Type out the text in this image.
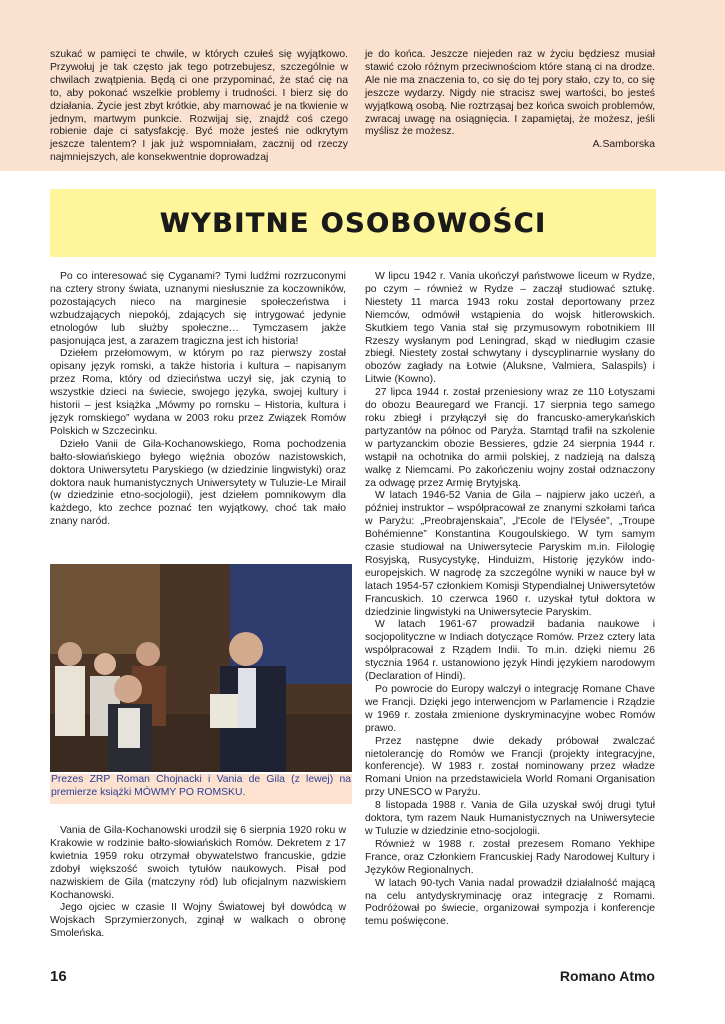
szukać w pamięci te chwile, w których czułeś się wyjątkowo. Przywołuj je tak często jak tego potrzebujesz, szczególnie w chwilach zwątpienia. Będą ci one przypominać, że stać cię na to, aby pokonać wszelkie problemy i trudności. I bierz się do działania. Życie jest zbyt krótkie, aby marnować je na tkwienie w jednym, martwym punkcie. Rozwijaj się, znajdź coś czego robienie daje ci satysfakcję. Być może jesteś nie odkrytym jeszcze talentem? I jak już wspomniałam, zacznij od rzeczy najmniejszych, ale konsekwentnie doprowadzaj

je do końca. Jeszcze niejeden raz w życiu będziesz musiał stawić czoło różnym przeciwnościom które staną ci na drodze. Ale nie ma znaczenia to, co się do tej pory stało, czy to, co się jeszcze wydarzy. Nigdy nie stracisz swej wartości, bo jesteś wyjątkową osobą. Nie roztrząsaj bez końca swoich problemów, zwracaj uwagę na osiągnięcia. I zapamiętaj, że możesz, jeśli myślisz że możesz.

A.Samborska

WYBITNE OSOBOWOŚCI

Po co interesować się Cyganami? Tymi ludźmi rozrzuconymi na cztery strony świata, uznanymi niesłusznie za koczowników, pozostających nieco na marginesie społeczeństwa i wzbudzających niepokój, zdających się intrygować jedynie etnologów lub służby społeczne… Tymczasem jakże pasjonująca jest, a zarazem tragiczna jest ich historia!

Dziełem przełomowym, w którym po raz pierwszy został opisany język romski, a także historia i kultura – napisanym przez Roma, który od dzieciństwa uczył się, jak czynią to wszystkie dzieci na świecie, swojego języka, swojej kultury i historii – jest książka „Mówmy po romsku – Historia, kultura i język romskiego” wydana w 2003 roku przez Związek Romów Polskich w Szczecinku.

Dzieło Vanii de Gila-Kochanowskiego, Roma pochodzenia bałto-słowiańskiego byłego więźnia obozów nazistowskich, doktora Uniwersytetu Paryskiego (w dziedzinie lingwistyki) oraz doktora nauk humanistycznych Uniwersytety w Tuluzie-Le Mirail (w dziedzinie etno-socjologii), jest dziełem pomnikowym dla każdego, kto zechce poznać ten wyjątkowy, choć tak mało znany naród.

Prezes ZRP Roman Chojnacki i Vania de Gila (z lewej) na premierze książki MÓWMY PO ROMSKU.

Vania de Gila-Kochanowski urodził się 6 sierpnia 1920 roku w Krakowie w rodzinie bałto-słowiańskich Romów. Dekretem z 17 kwietnia 1959 roku otrzymał obywatelstwo francuskie, gdzie zdobył większość swoich tytułów naukowych. Pisał pod nazwiskiem de Gila (matczyny ród) lub oficjalnym nazwiskiem Kochanowski.

Jego ojciec w czasie II Wojny Światowej był dowódcą w Wojskach Sprzymierzonych, zginął w walkach o obronę Smoleńska.

W lipcu 1942 r. Vania ukończył państwowe liceum w Rydze, po czym – również w Rydze – zaczął studiować sztukę. Niestety 11 marca 1943 roku został deportowany przez Niemców, odmówił wstąpienia do wojsk hitlerowskich. Skutkiem tego Vania stał się przymusowym robotnikiem III Rzeszy wysłanym pod Leningrad, skąd w niedługim czasie zbiegł. Niestety został schwytany i dyscyplinarnie wysłany do obozów zagłady na Łotwie (Aluksne, Valmiera, Salaspils) i Litwie (Kowno).

27 lipca 1944 r. został przeniesiony wraz ze 110 Łotyszami do obozu Beauregard we Francji. 17 sierpnia tego samego roku zbiegł i przyłączył się do francusko-amerykańskich partyzantów na północ od Paryża. Stamtąd trafił na szkolenie w partyzanckim obozie Bessieres, gdzie 24 sierpnia 1944 r. wstąpił na ochotnika do armii polskiej, z nadzieją na dalszą walkę z Niemcami. Po zakończeniu wojny został odznaczony za odwagę przez Armię Brytyjską.

W latach 1946-52 Vania de Gila – najpierw jako uczeń, a później instruktor – współpracował ze znanymi szkołami tańca w Paryżu: „Preobrajenskaia”, „l'Ecole de l'Elysée”, „Troupe Bohémienne” Konstantina Kougoulskiego. W tym samym czasie studiował na Uniwersytecie Paryskim m.in. Filologię Rosyjską, Rusycystykę, Hinduizm, Historię języków indo-europejskich. W nagrodę za szczególne wyniki w nauce był w latach 1954-57 członkiem Komisji Stypendialnej Uniwersytetów Francuskich. 10 czerwca 1960 r. uzyskał tytuł doktora w dziedzinie lingwistyki na Uniwersytecie Paryskim.

W latach 1961-67 prowadził badania naukowe i socjopolityczne w Indiach dotyczące Romów. Przez cztery lata współpracował z Rządem Indii. To m.in. dzięki niemu 26 stycznia 1964 r. ustanowiono język Hindi językiem narodowym (Declaration of Hindi).

Po powrocie do Europy walczył o integrację Romane Chave we Francji. Dzięki jego interwencjom w Parlamencie i Rządzie w 1969 r. została zmienione dyskryminacyjne wobec Romów prawo.

Przez następne dwie dekady próbował zwalczać nietolerancję do Romów we Francji (projekty integracyjne, konferencje). W 1983 r. został nominowany przez władze Romani Union na przedstawiciela World Romani Organisation przy UNESCO w Paryżu.

8 listopada 1988 r. Vania de Gila uzyskał swój drugi tytuł doktora, tym razem Nauk Humanistycznych na Uniwersytecie w Tuluzie w dziedzinie etno-socjologii.

Również w 1988 r. został prezesem Romano Yekhipe France, oraz Członkiem Francuskiej Rady Narodowej Kultury i Języków Regionalnych.

W latach 90-tych Vania nadal prowadził działalność mającą na celu antydyskryminację oraz integrację z Romami. Podróżował po świecie, organizował sympozja i konferencje temu poświęcone.

16	Romano Atmo
